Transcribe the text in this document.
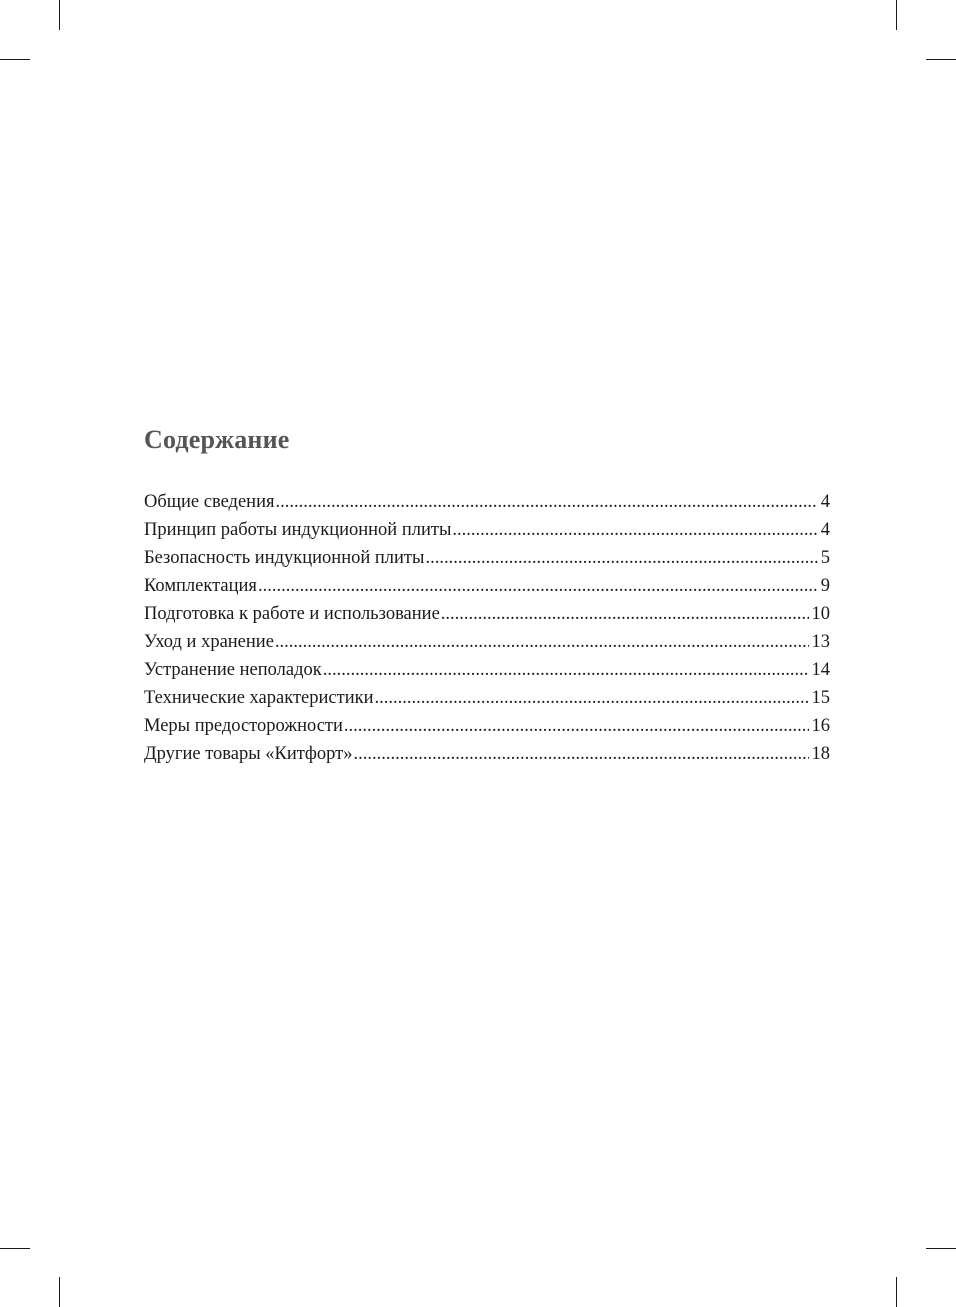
Содержание
Общие сведения .....	4
Принцип работы индукционной плиты .....	4
Безопасность индукционной плиты .....	5
Комплектация .....	9
Подготовка к работе и использование .....	10
Уход и хранение .....	13
Устранение неполадок .....	14
Технические характеристики .....	15
Меры предосторожности .....	16
Другие товары «Китфорт» .....	18
